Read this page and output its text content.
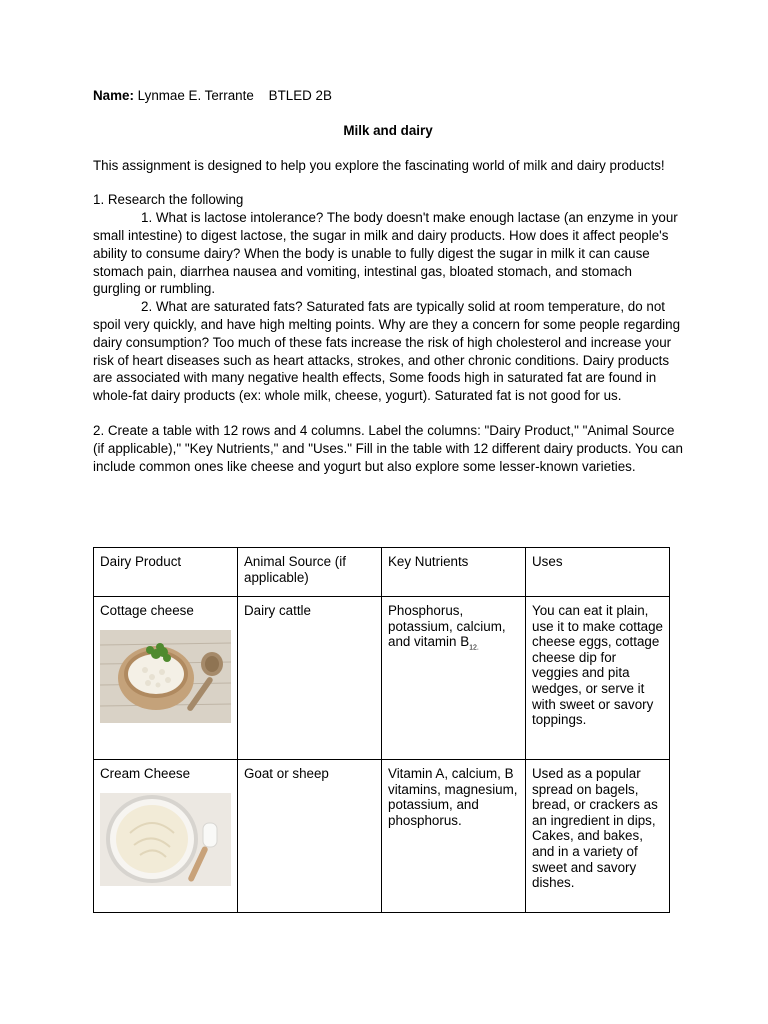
Name: Lynmae E. Terrante    BTLED 2B

Milk and dairy

This assignment is designed to help you explore the fascinating world of milk and dairy products!

1. Research the following

1. What is lactose intolerance? The body doesn't make enough lactase (an enzyme in your small intestine) to digest lactose, the sugar in milk and dairy products. How does it affect people's ability to consume dairy? When the body is unable to fully digest the sugar in milk it can cause stomach pain, diarrhea nausea and vomiting, intestinal gas, bloated stomach, and stomach gurgling or rumbling.

2. What are saturated fats? Saturated fats are typically solid at room temperature, do not spoil very quickly, and have high melting points. Why are they a concern for some people regarding dairy consumption? Too much of these fats increase the risk of high cholesterol and increase your risk of heart diseases such as heart attacks, strokes, and other chronic conditions. Dairy products are associated with many negative health effects, Some foods high in saturated fat are found in whole-fat dairy products (ex: whole milk, cheese, yogurt). Saturated fat is not good for us.

2. Create a table with 12 rows and 4 columns. Label the columns: "Dairy Product," "Animal Source (if applicable)," "Key Nutrients," and "Uses." Fill in the table with 12 different dairy products. You can include common ones like cheese and yogurt but also explore some lesser-known varieties.

Dairy Product	Animal Source (if applicable)	Key Nutrients	Uses
Cottage cheese	Dairy cattle	Phosphorus, potassium, calcium, and vitamin $B_{12.}$	You can eat it plain, use it to make cottage cheese eggs, cottage cheese dip for veggies and pita wedges, or serve it with sweet or savory toppings.
Cream Cheese	Goat or sheep	Vitamin A, calcium, B vitamins, magnesium, potassium, and phosphorus.	Used as a popular spread on bagels, bread, or crackers as an ingredient in dips, Cakes, and bakes, and in a variety of sweet and savory dishes.
